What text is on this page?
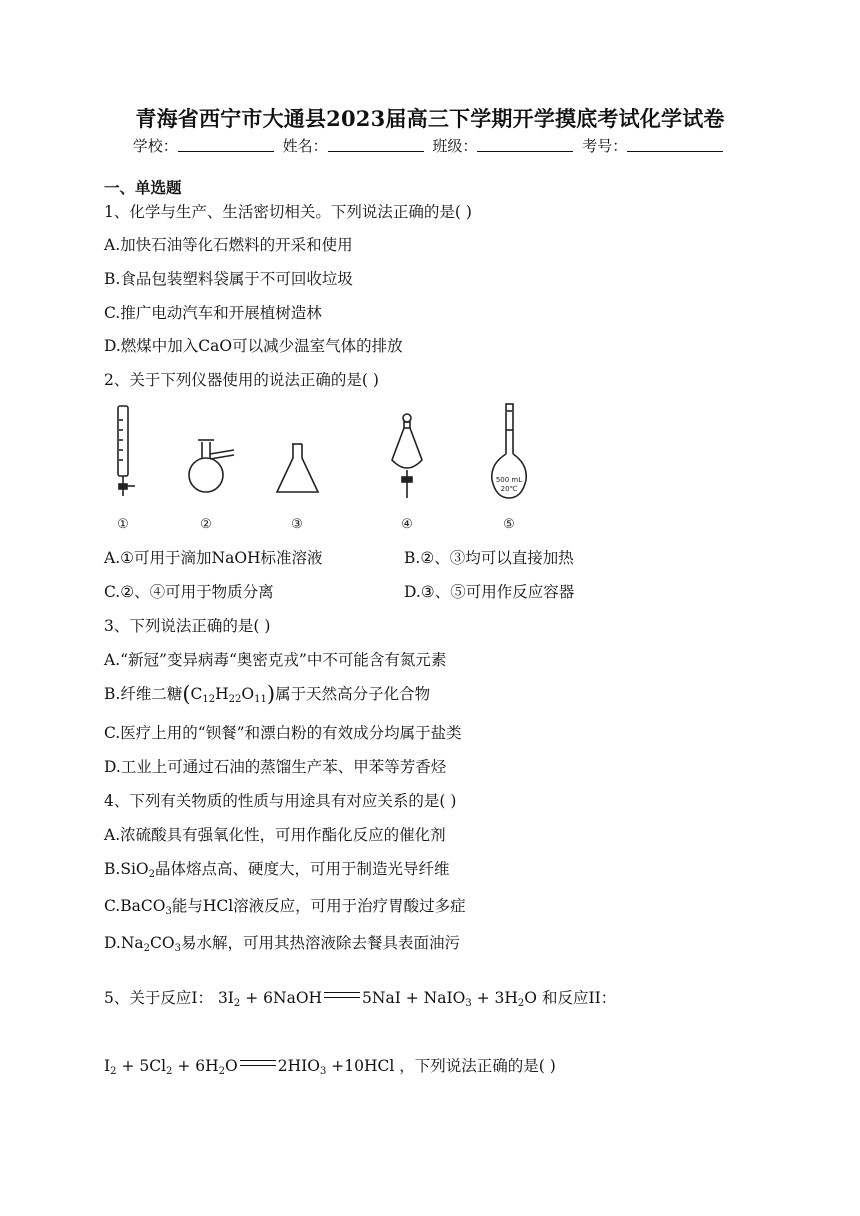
青海省西宁市大通县2023届高三下学期开学摸底考试化学试卷
学校：	姓名：	班级：	考号：
一、单选题
1、化学与生产、生活密切相关。下列说法正确的是( )
A.加快石油等化石燃料的开采和使用
B.食品包装塑料袋属于不可回收垃圾
C.推广电动汽车和开展植树造林
D.燃煤中加入CaO可以减少温室气体的排放
2、关于下列仪器使用的说法正确的是( )
500 mL
20℃
①	②	③	④	⑤
A.①可用于滴加NaOH标准溶液	B.②、③均可以直接加热
C.②、④可用于物质分离	D.③、⑤可用作反应容器
3、下列说法正确的是( )
A.“新冠”变异病毒“奥密克戎”中不可能含有氮元素
B.纤维二糖$(C_{12}H_{22}O_{11})$属于天然高分子化合物
C.医疗上用的“钡餐”和漂白粉的有效成分均属于盐类
D.工业上可通过石油的蒸馏生产苯、甲苯等芳香烃
4、下列有关物质的性质与用途具有对应关系的是( )
A.浓硫酸具有强氧化性，可用作酯化反应的催化剂
B.SiO$_2$晶体熔点高、硬度大，可用于制造光导纤维
C.BaCO$_3$能与HCl溶液反应，可用于治疗胃酸过多症
$D.Na_2CO_3$易水解，可用其热溶液除去餐具表面油污
5、关于反应I： $3I_2$ + 6NaOH	5NaI + NaIO$_3$ + $3H_2O$ 和反应II：
$I_2 + 5Cl_2 + 6H_2O$	$2HIO_3 +10HCl$ ，下列说法正确的是( )
